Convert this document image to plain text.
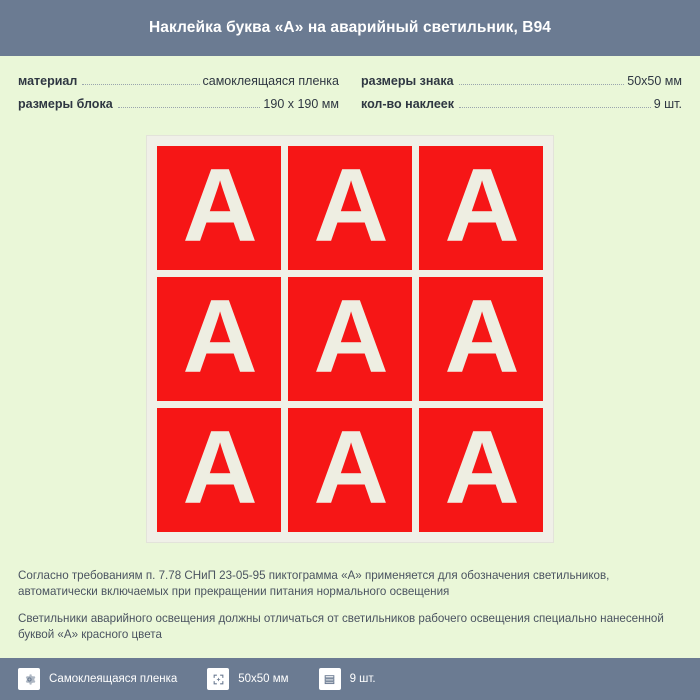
Наклейка буква «А» на аварийный светильник, B94
материал	самоклеящаяся пленка
размеры блока	190 х 190 мм
размеры знака	50x50 мм
кол-во наклеек	9 шт.
А А А
А А А
А А А

Согласно требованиям п. 7.78 СНиП 23-05-95 пиктограмма «А» применяется для обозначения светильников, автоматически включаемых при прекращении питания нормального освещения

Светильники аварийного освещения должны отличаться от светильников рабочего освещения специально нанесенной буквой «А» красного цвета

Самоклеящаяся пленка	50x50 мм	9 шт.
